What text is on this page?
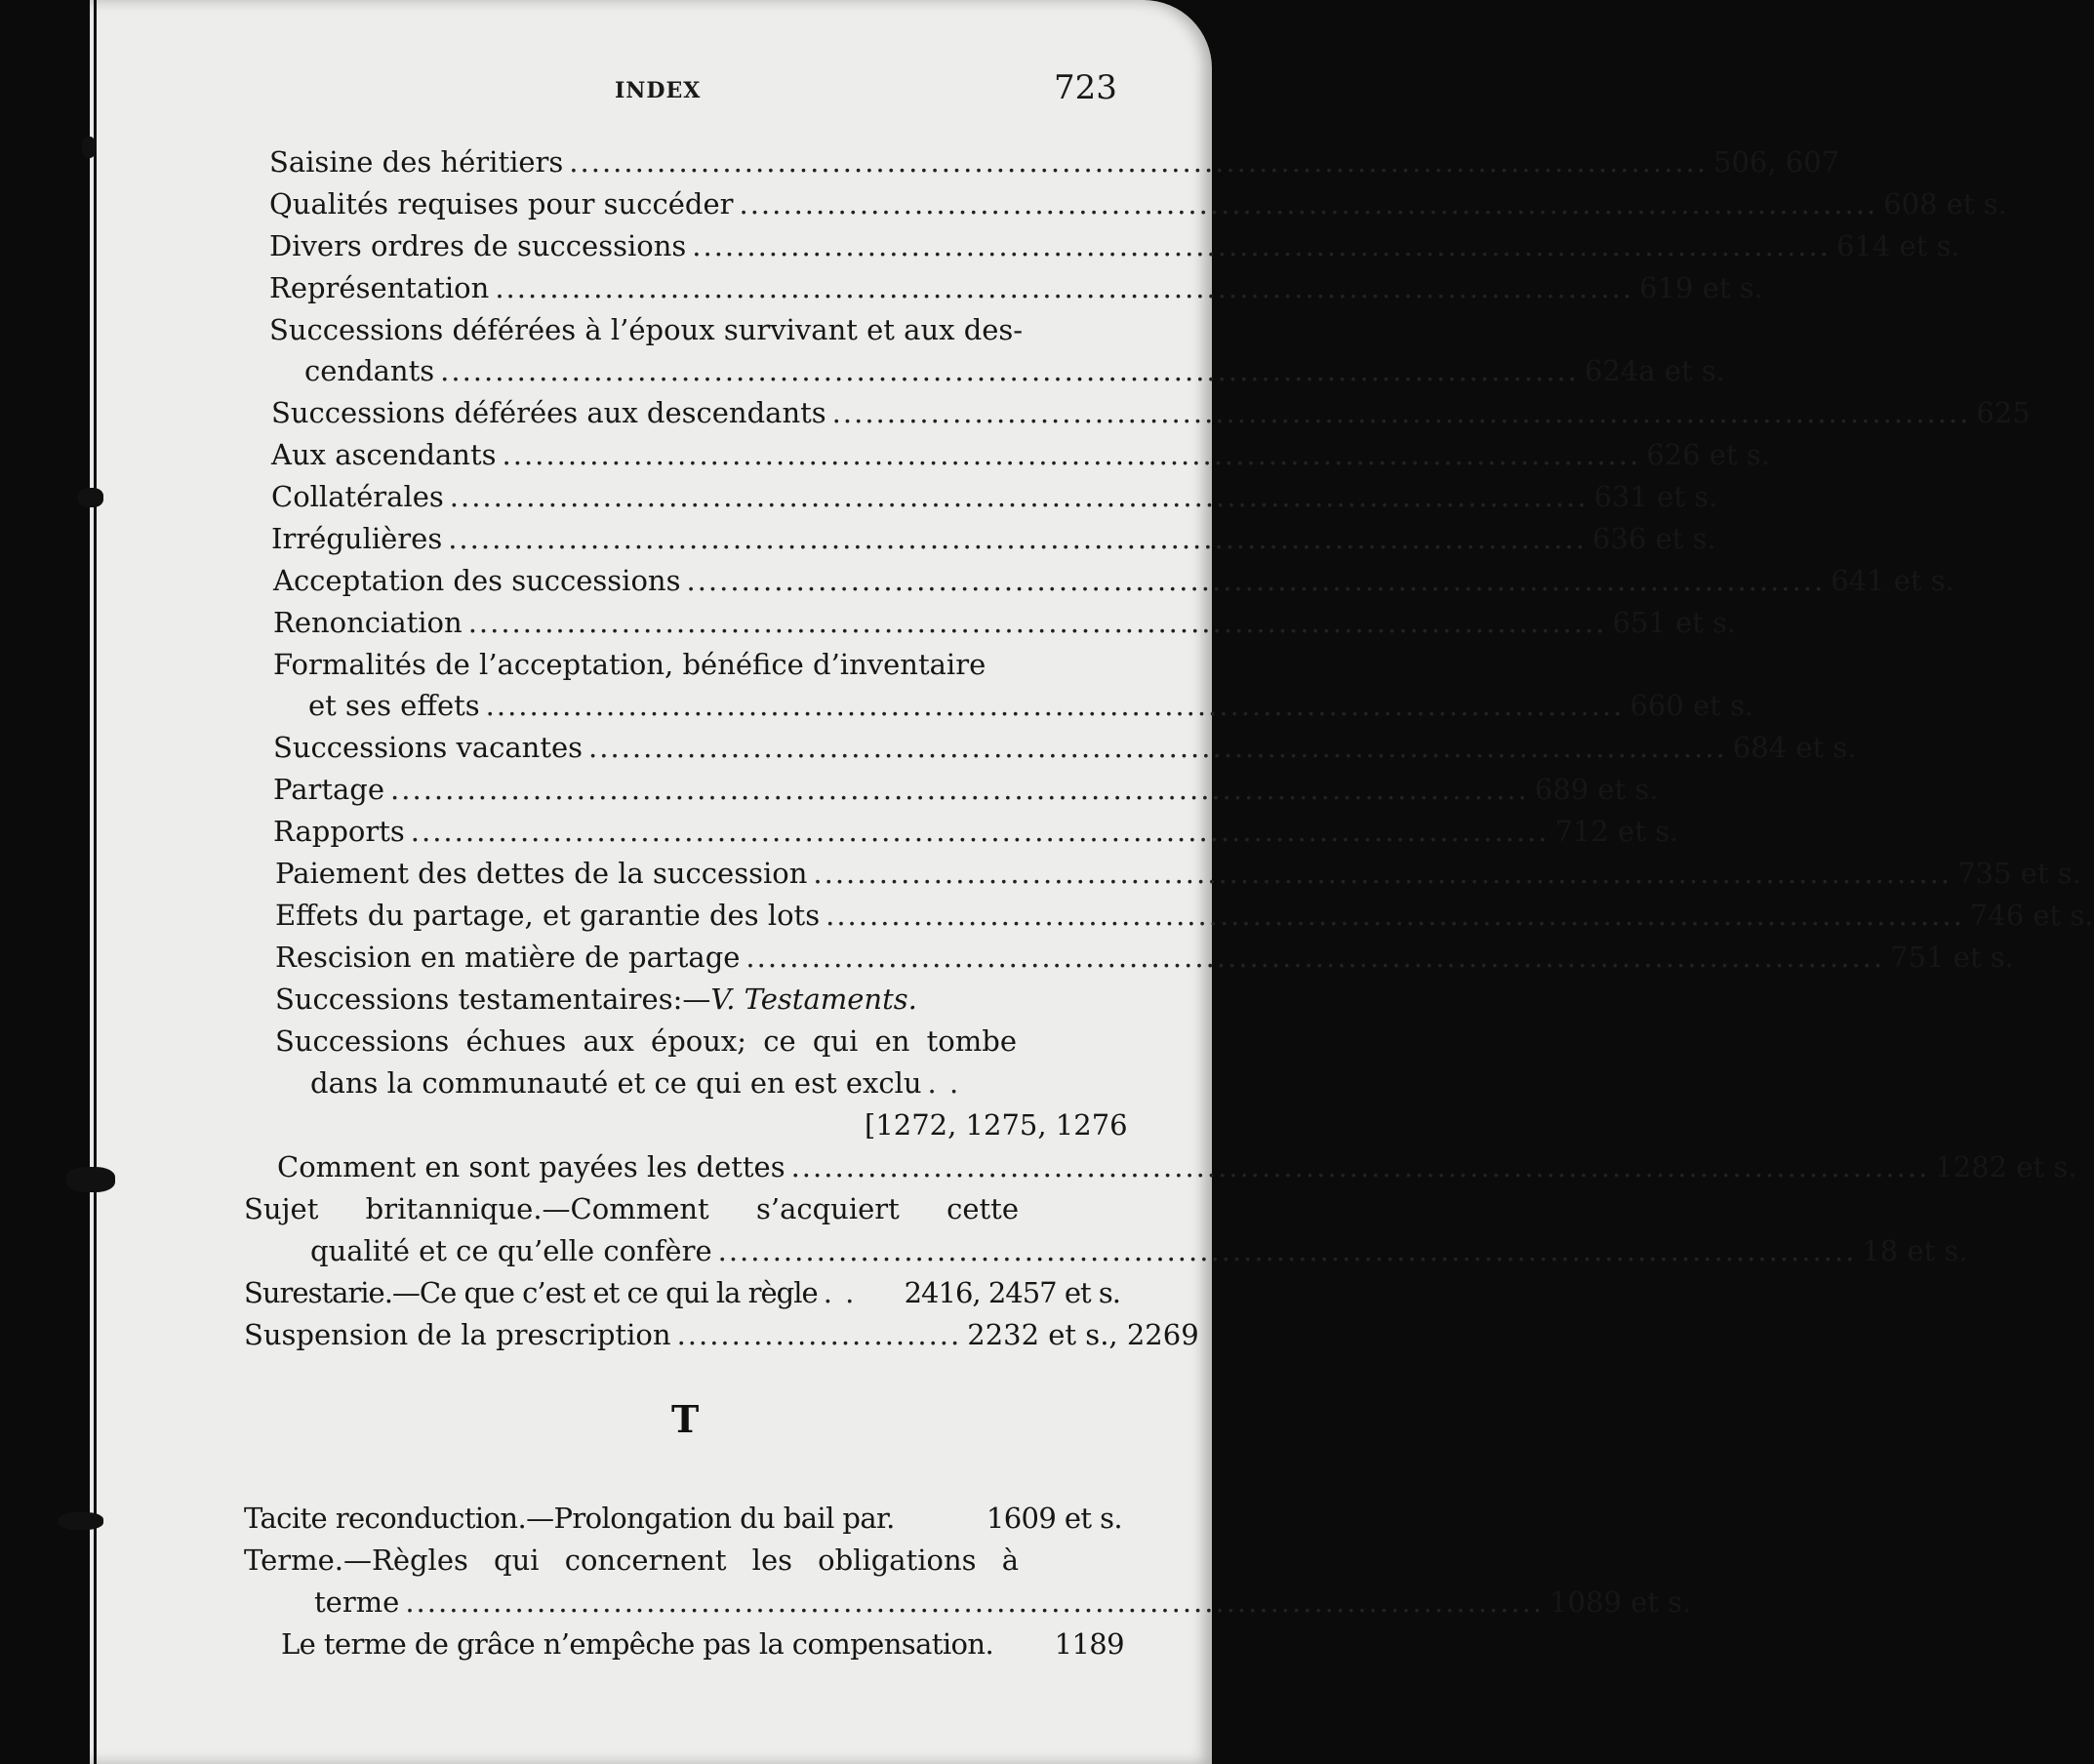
INDEX	723
Saisine des héritiers ........................................................................................................ 506, 607
Qualités requises pour succéder ........................................................................................................ 608 et s.
Divers ordres de successions ........................................................................................................ 614 et s.
Représentation ........................................................................................................ 619 et s.
Successions déférées à l’époux survivant et aux des-
cendants ........................................................................................................ 624a et s.
Successions déférées aux descendants ........................................................................................................ 625
Aux ascendants ........................................................................................................ 626 et s.
Collatérales ........................................................................................................ 631 et s.
Irrégulières ........................................................................................................ 636 et s.
Acceptation des successions ........................................................................................................ 641 et s.
Renonciation ........................................................................................................ 651 et s.
Formalités de l’acceptation, bénéfice d’inventaire
et ses effets ........................................................................................................ 660 et s.
Successions vacantes ........................................................................................................ 684 et s.
Partage ........................................................................................................ 689 et s.
Rapports ........................................................................................................ 712 et s.
Paiement des dettes de la succession ........................................................................................................ 735 et s.
Effets du partage, et garantie des lots ........................................................................................................ 746 et s.
Rescision en matière de partage ........................................................................................................ 751 et s.
Successions testamentaires:—V. Testaments.
Successions échues aux époux; ce qui en tombe
dans la communauté et ce qui en est exclu . .
[1272, 1275, 1276
Comment en sont payées les dettes ........................................................................................................ 1282 et s.
Sujet britannique.—Comment s’acquiert cette
qualité et ce qu’elle confère ........................................................................................................ 18 et s.
Surestarie.—Ce que c’est et ce qui la règle . .	2416, 2457 et s.
Suspension de la prescription .......................... 2232 et s., 2269
T
Tacite reconduction.—Prolongation du bail par.	1609 et s.
Terme.—Règles qui concernent les obligations à
terme ........................................................................................................ 1089 et s.
Le terme de grâce n’empêche pas la compensation. 1189
